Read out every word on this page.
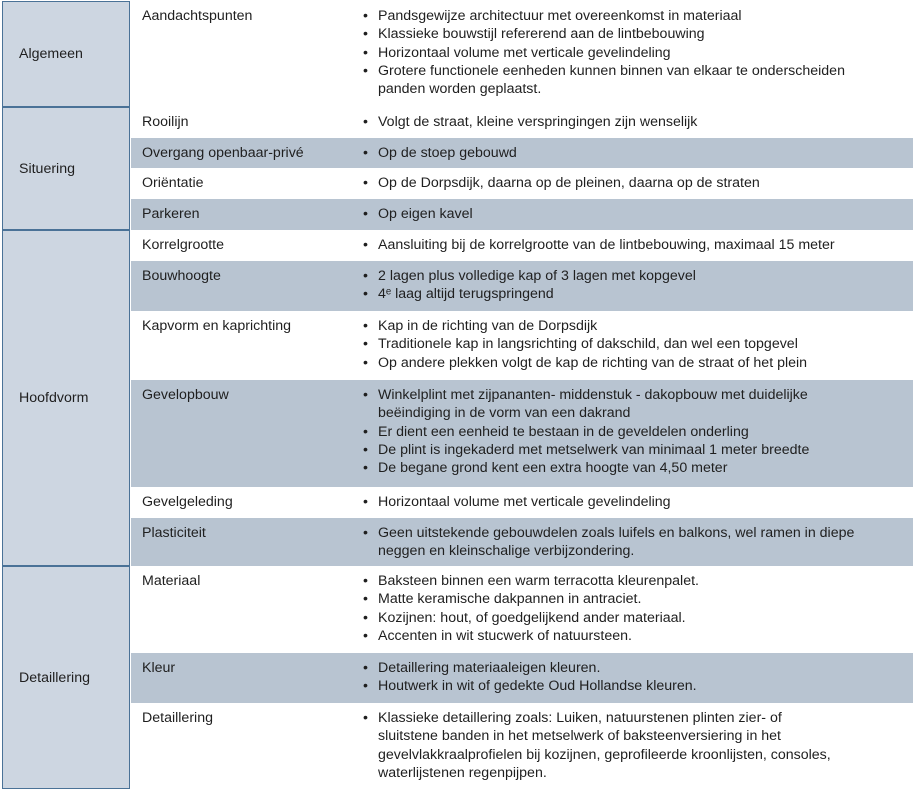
Algemeen
Aandachtspunten	• Pandsgewijze architectuur met overeenkomst in materiaal
• Klassieke bouwstijl refererend aan de lintbebouwing
• Horizontaal volume met verticale gevelindeling
• Grotere functionele eenheden kunnen binnen van elkaar te onderscheiden
panden worden geplaatst.
Situering
Rooilijn	• Volgt de straat, kleine verspringingen zijn wenselijk
Overgang openbaar-privé	• Op de stoep gebouwd
Oriëntatie	• Op de Dorpsdijk, daarna op de pleinen, daarna op de straten
Parkeren	• Op eigen kavel
Hoofdvorm
Korrelgrootte	• Aansluiting bij de korrelgrootte van de lintbebouwing, maximaal 15 meter
Bouwhoogte	• 2 lagen plus volledige kap of 3 lagen met kopgevel
• 4ᵉ laag altijd terugspringend
Kapvorm en kaprichting	• Kap in de richting van de Dorpsdijk
• Traditionele kap in langsrichting of dakschild, dan wel een topgevel
• Op andere plekken volgt de kap de richting van de straat of het plein
Gevelopbouw	• Winkelplint met zijpananten- middenstuk - dakopbouw met duidelijke
beëindiging in de vorm van een dakrand
• Er dient een eenheid te bestaan in de geveldelen onderling
• De plint is ingekaderd met metselwerk van minimaal 1 meter breedte
• De begane grond kent een extra hoogte van 4,50 meter
Gevelgeleding	• Horizontaal volume met verticale gevelindeling
Plasticiteit	• Geen uitstekende gebouwdelen zoals luifels en balkons, wel ramen in diepe
neggen en kleinschalige verbijzondering.
Detaillering
Materiaal	• Baksteen binnen een warm terracotta kleurenpalet.
• Matte keramische dakpannen in antraciet.
• Kozijnen: hout, of goedgelijkend ander materiaal.
• Accenten in wit stucwerk of natuursteen.
Kleur	• Detaillering materiaaleigen kleuren.
• Houtwerk in wit of gedekte Oud Hollandse kleuren.
Detaillering	• Klassieke detaillering zoals: Luiken, natuurstenen plinten zier- of
sluitstene banden in het metselwerk of baksteenversiering in het
gevelvlakkraalprofielen bij kozijnen, geprofileerde kroonlijsten, consoles,
waterlijstenen regenpijpen.
